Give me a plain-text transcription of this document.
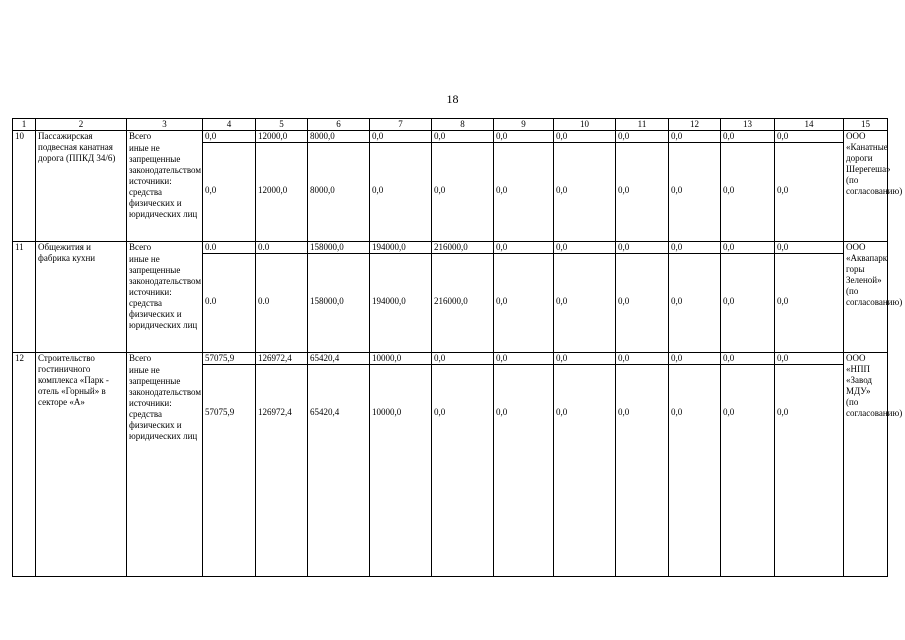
18
1	2	3	4	5	6	7	8	9	10	11	12	13	14	15
10	Пассажирская подвесная канатная дорога (ППКД 34/6)	Всего	0,0	12000,0	8000,0	0,0	0,0	0,0	0,0	0,0	0,0	0,0	0,0	ООО «Канатные дороги Шерегеша» (по согласованию)
		иные не запрещенные законодательством источники: средства физических и юридических лиц	0,0	12000,0	8000,0	0,0	0,0	0,0	0,0	0,0	0,0	0,0	0,0	
11	Общежития и фабрика кухни	Всего	0.0	0.0	158000,0	194000,0	216000,0	0,0	0,0	0,0	0,0	0,0	0,0	ООО «Аквапарк горы Зеленой» (по согласованию)
		иные не запрещенные законодательством источники: средства физических и юридических лиц	0.0	0.0	158000,0	194000,0	216000,0	0,0	0,0	0,0	0,0	0,0	0,0	
12	Строительство гостиничного комплекса «Парк - отель «Горный» в секторе «А»	Всего	57075,9	126972,4	65420,4	10000,0	0,0	0,0	0,0	0,0	0,0	0,0	0,0	ООО «НПП «Завод МДУ» (по согласованию)
		иные не запрещенные законодательством источники: средства физических и юридических лиц	57075,9	126972,4	65420,4	10000,0	0,0	0,0	0,0	0,0	0,0	0,0	0,0	
